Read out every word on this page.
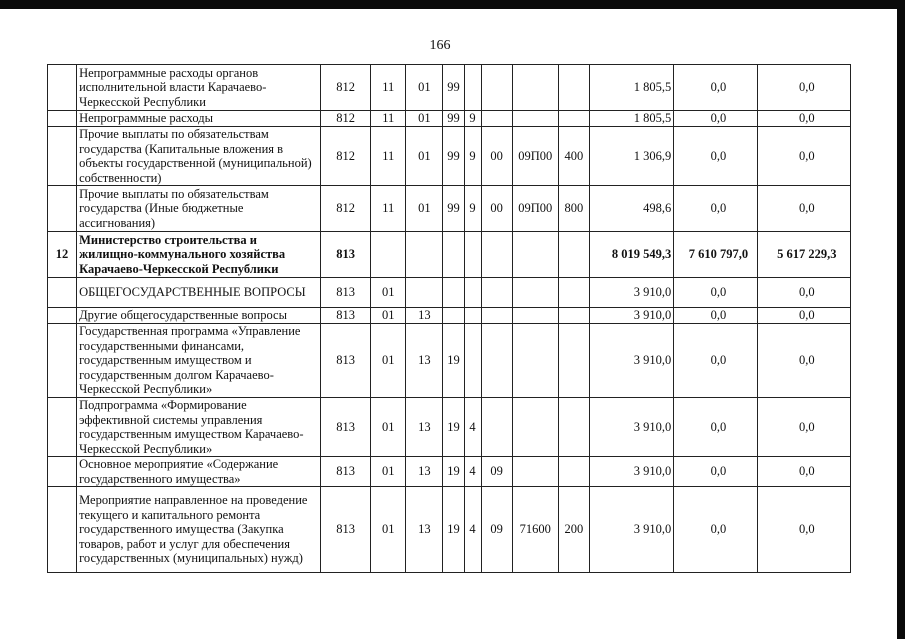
166
	Непрограммные расходы органов исполнительной власти Карачаево-Черкесской Республики	812	11	01	99					1 805,5	0,0	0,0
	Непрограммные расходы	812	11	01	99	9				1 805,5	0,0	0,0
	Прочие выплаты по обязательствам государства (Капитальные вложения в объекты государственной (муниципальной) собственности)	812	11	01	99	9	00	09П00	400	1 306,9	0,0	0,0
	Прочие выплаты по обязательствам государства (Иные бюджетные ассигнования)	812	11	01	99	9	00	09П00	800	498,6	0,0	0,0
12	Министерство строительства и жилищно-коммунального хозяйства Карачаево-Черкесской Республики	813								8 019 549,3	7 610 797,0	5 617 229,3
	ОБЩЕГОСУДАРСТВЕННЫЕ ВОПРОСЫ	813	01							3 910,0	0,0	0,0
	Другие общегосударственные вопросы	813	01	13						3 910,0	0,0	0,0
	Государственная программа «Управление государственными финансами, государственным имуществом и государственным долгом Карачаево-Черкесской Республики»	813	01	13	19					3 910,0	0,0	0,0
	Подпрограмма «Формирование эффективной системы управления государственным имуществом Карачаево-Черкесской Республики»	813	01	13	19	4				3 910,0	0,0	0,0
	Основное мероприятие «Содержание государственного имущества»	813	01	13	19	4	09			3 910,0	0,0	0,0
	Мероприятие направленное на проведение текущего и капитального ремонта государственного имущества (Закупка товаров, работ и услуг для обеспечения государственных (муниципальных) нужд)	813	01	13	19	4	09	71600	200	3 910,0	0,0	0,0
